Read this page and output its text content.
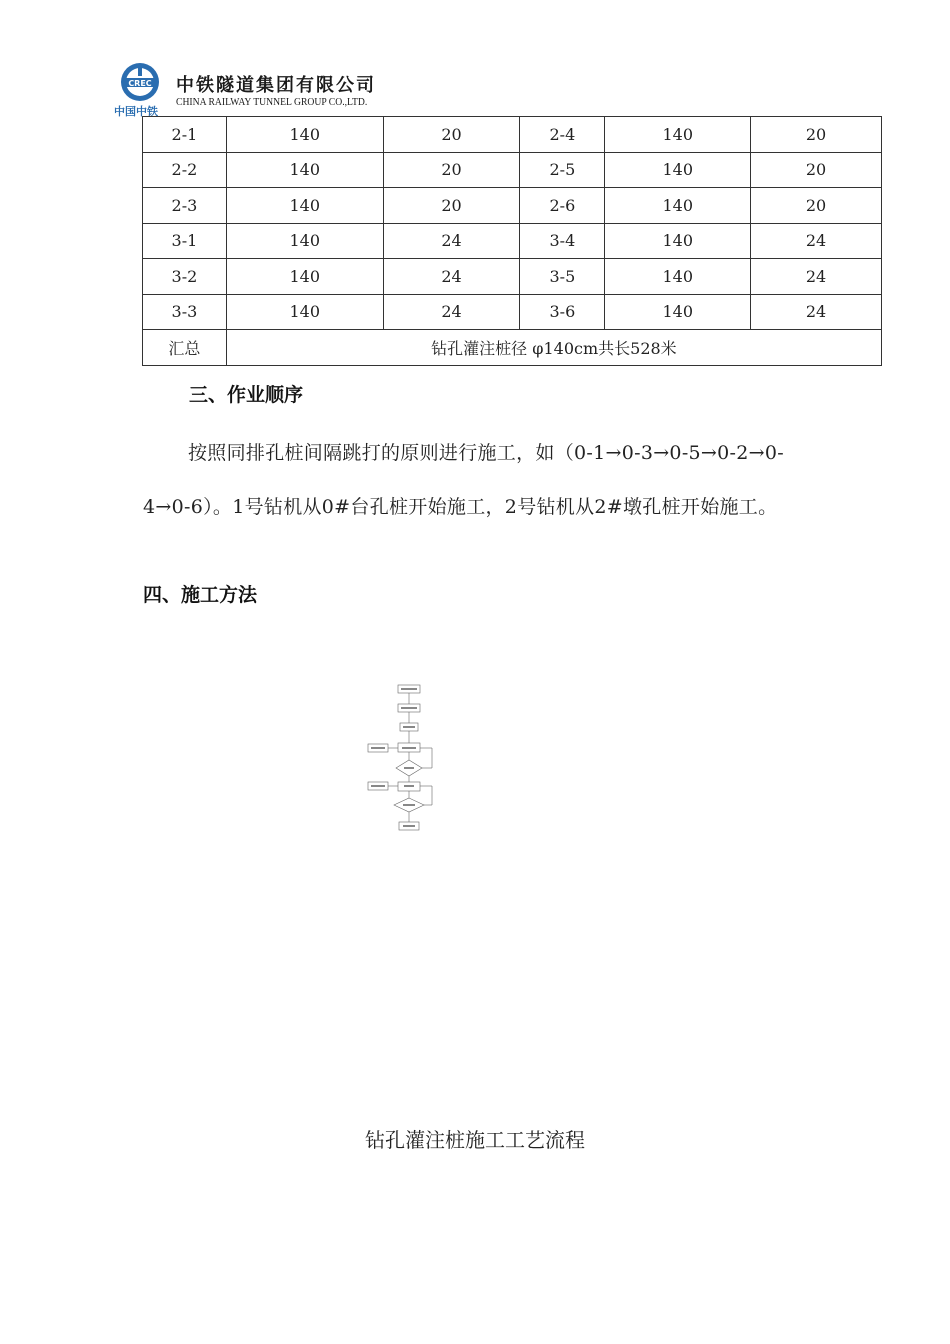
CREC
中国中铁
中铁隧道集团有限公司
CHINA RAILWAY TUNNEL GROUP CO.,LTD.
2-1	140	20	2-4	140	20
2-2	140	20	2-5	140	20
2-3	140	20	2-6	140	20
3-1	140	24	3-4	140	24
3-2	140	24	3-5	140	24
3-3	140	24	3-6	140	24
汇总	钻孔灌注桩径 φ140cm共长528米				
三、作业顺序
按照同排孔桩间隔跳打的原则进行施工，如（0-1→0-3→0-5→0-2→0-4→0-6）。1号钻机从0#台孔桩开始施工，2号钻机从2#墩孔桩开始施工。
四、施工方法
钻孔灌注桩施工工艺流程
